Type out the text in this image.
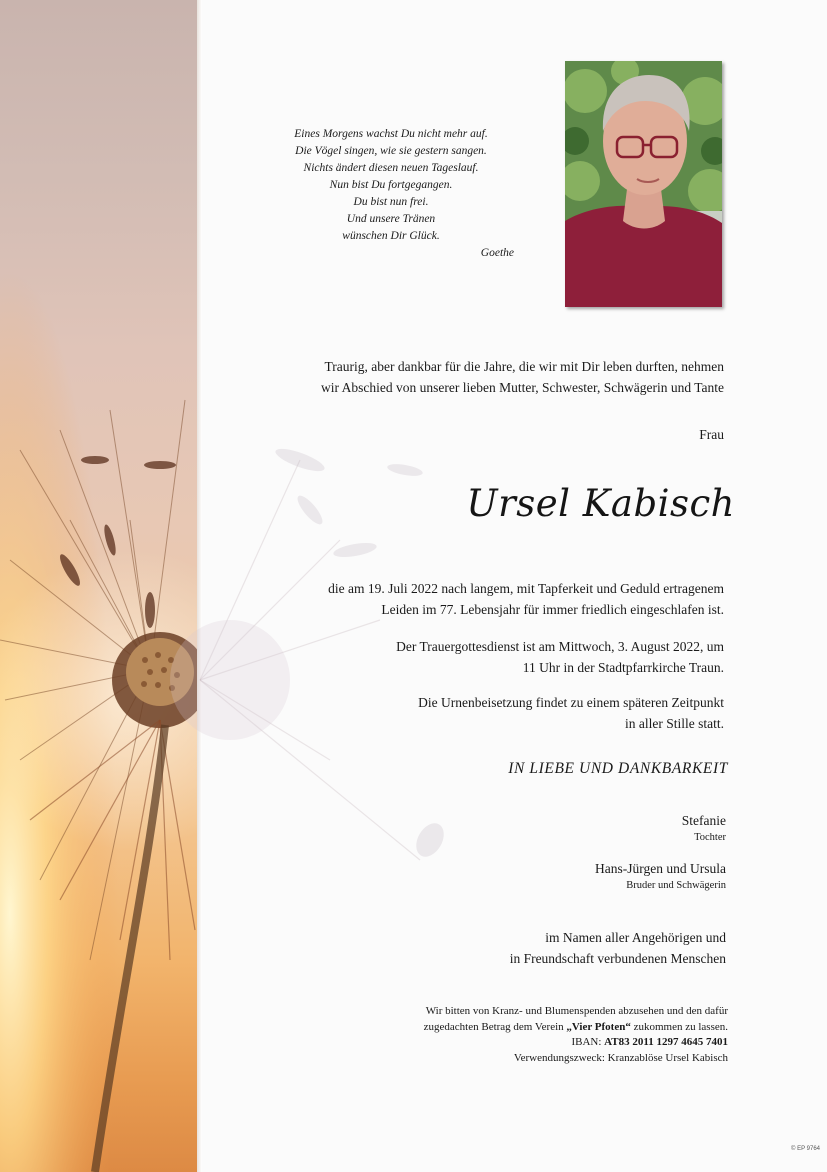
Eines Morgens wachst Du nicht mehr auf.
Die Vögel singen, wie sie gestern sangen.
Nichts ändert diesen neuen Tageslauf.
Nun bist Du fortgegangen.
Du bist nun frei.
Und unsere Tränen
wünschen Dir Glück.
Goethe
Traurig, aber dankbar für die Jahre, die wir mit Dir leben durften, nehmen
wir Abschied von unserer lieben Mutter, Schwester, Schwägerin und Tante
Frau
Ursel Kabisch
die am 19. Juli 2022 nach langem, mit Tapferkeit und Geduld ertragenem
Leiden im 77. Lebensjahr für immer friedlich eingeschlafen ist.
Der Trauergottesdienst ist am Mittwoch, 3. August 2022, um
11 Uhr in der Stadtpfarrkirche Traun.
Die Urnenbeisetzung findet zu einem späteren Zeitpunkt
in aller Stille statt.
IN LIEBE UND DANKBARKEIT
Stefanie
Tochter
Hans-Jürgen und Ursula
Bruder und Schwägerin
im Namen aller Angehörigen und
in Freundschaft verbundenen Menschen
Wir bitten von Kranz- und Blumenspenden abzusehen und den dafür
zugedachten Betrag dem Verein „Vier Pfoten“ zukommen zu lassen.
IBAN: AT83 2011 1297 4645 7401
Verwendungszweck: Kranzablöse Ursel Kabisch
© EP 9764
